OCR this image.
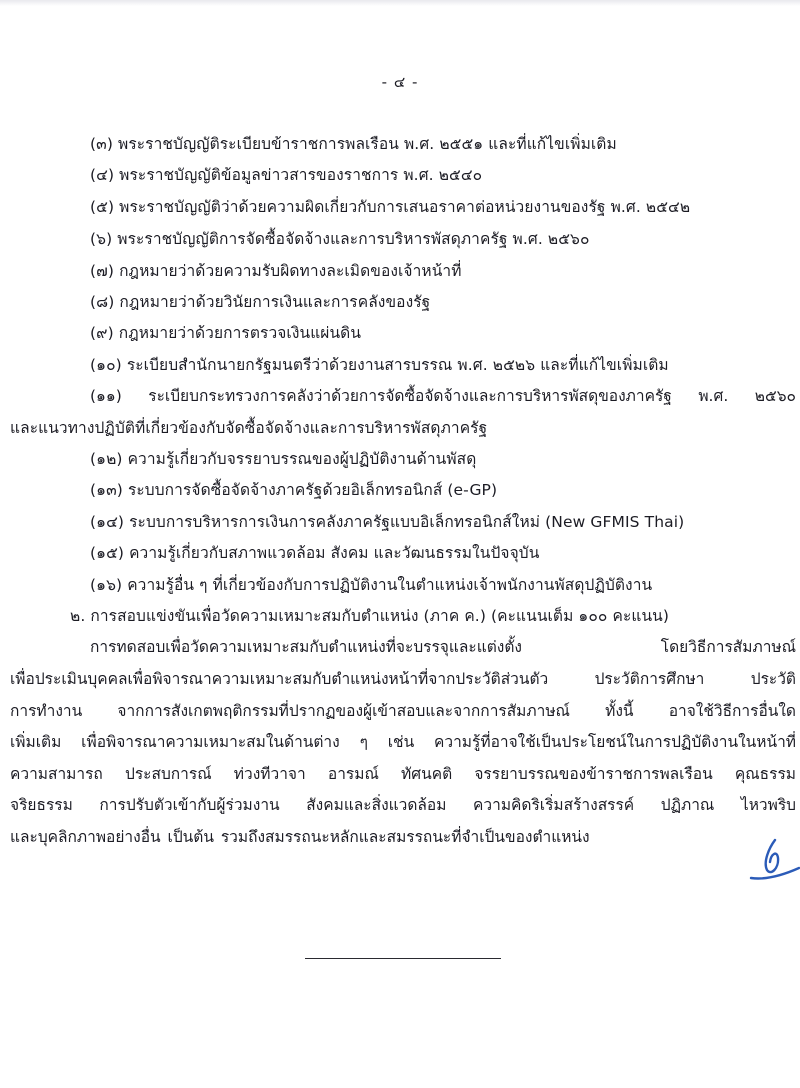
- ๔ -
(๓) พระราชบัญญัติระเบียบข้าราชการพลเรือน พ.ศ. ๒๕๕๑ และที่แก้ไขเพิ่มเติม
(๔) พระราชบัญญัติข้อมูลข่าวสารของราชการ พ.ศ. ๒๕๔๐
(๕) พระราชบัญญัติว่าด้วยความผิดเกี่ยวกับการเสนอราคาต่อหน่วยงานของรัฐ พ.ศ. ๒๕๔๒
(๖) พระราชบัญญัติการจัดซื้อจัดจ้างและการบริหารพัสดุภาครัฐ พ.ศ. ๒๕๖๐
(๗) กฎหมายว่าด้วยความรับผิดทางละเมิดของเจ้าหน้าที่
(๘) กฎหมายว่าด้วยวินัยการเงินและการคลังของรัฐ
(๙) กฎหมายว่าด้วยการตรวจเงินแผ่นดิน
(๑๐) ระเบียบสำนักนายกรัฐมนตรีว่าด้วยงานสารบรรณ พ.ศ. ๒๕๒๖ และที่แก้ไขเพิ่มเติม
(๑๑) ระเบียบกระทรวงการคลังว่าด้วยการจัดซื้อจัดจ้างและการบริหารพัสดุของภาครัฐ พ.ศ. ๒๕๖๐
และแนวทางปฏิบัติที่เกี่ยวข้องกับจัดซื้อจัดจ้างและการบริหารพัสดุภาครัฐ
(๑๒) ความรู้เกี่ยวกับจรรยาบรรณของผู้ปฏิบัติงานด้านพัสดุ
(๑๓) ระบบการจัดซื้อจัดจ้างภาครัฐด้วยอิเล็กทรอนิกส์ (e-GP)
(๑๔) ระบบการบริหารการเงินการคลังภาครัฐแบบอิเล็กทรอนิกส์ใหม่ (New GFMIS Thai)
(๑๕) ความรู้เกี่ยวกับสภาพแวดล้อม สังคม และวัฒนธรรมในปัจจุบัน
(๑๖) ความรู้อื่น ๆ ที่เกี่ยวข้องกับการปฏิบัติงานในตำแหน่งเจ้าพนักงานพัสดุปฏิบัติงาน
๒. การสอบแข่งขันเพื่อวัดความเหมาะสมกับตำแหน่ง (ภาค ค.) (คะแนนเต็ม ๑๐๐ คะแนน)
การทดสอบเพื่อวัดความเหมาะสมกับตำแหน่งที่จะบรรจุและแต่งตั้ง โดยวิธีการสัมภาษณ์
เพื่อประเมินบุคคลเพื่อพิจารณาความเหมาะสมกับตำแหน่งหน้าที่จากประวัติส่วนตัว ประวัติการศึกษา ประวัติ
การทำงาน จากการสังเกตพฤติกรรมที่ปรากฏของผู้เข้าสอบและจากการสัมภาษณ์ ทั้งนี้ อาจใช้วิธีการอื่นใด
เพิ่มเติม เพื่อพิจารณาความเหมาะสมในด้านต่าง ๆ เช่น ความรู้ที่อาจใช้เป็นประโยชน์ในการปฏิบัติงานในหน้าที่
ความสามารถ ประสบการณ์ ท่วงทีวาจา อารมณ์ ทัศนคติ จรรยาบรรณของข้าราชการพลเรือน คุณธรรม
จริยธรรม การปรับตัวเข้ากับผู้ร่วมงาน สังคมและสิ่งแวดล้อม ความคิดริเริ่มสร้างสรรค์ ปฏิภาณ ไหวพริบ
และบุคลิกภาพอย่างอื่น เป็นต้น รวมถึงสมรรถนะหลักและสมรรถนะที่จำเป็นของตำแหน่ง
